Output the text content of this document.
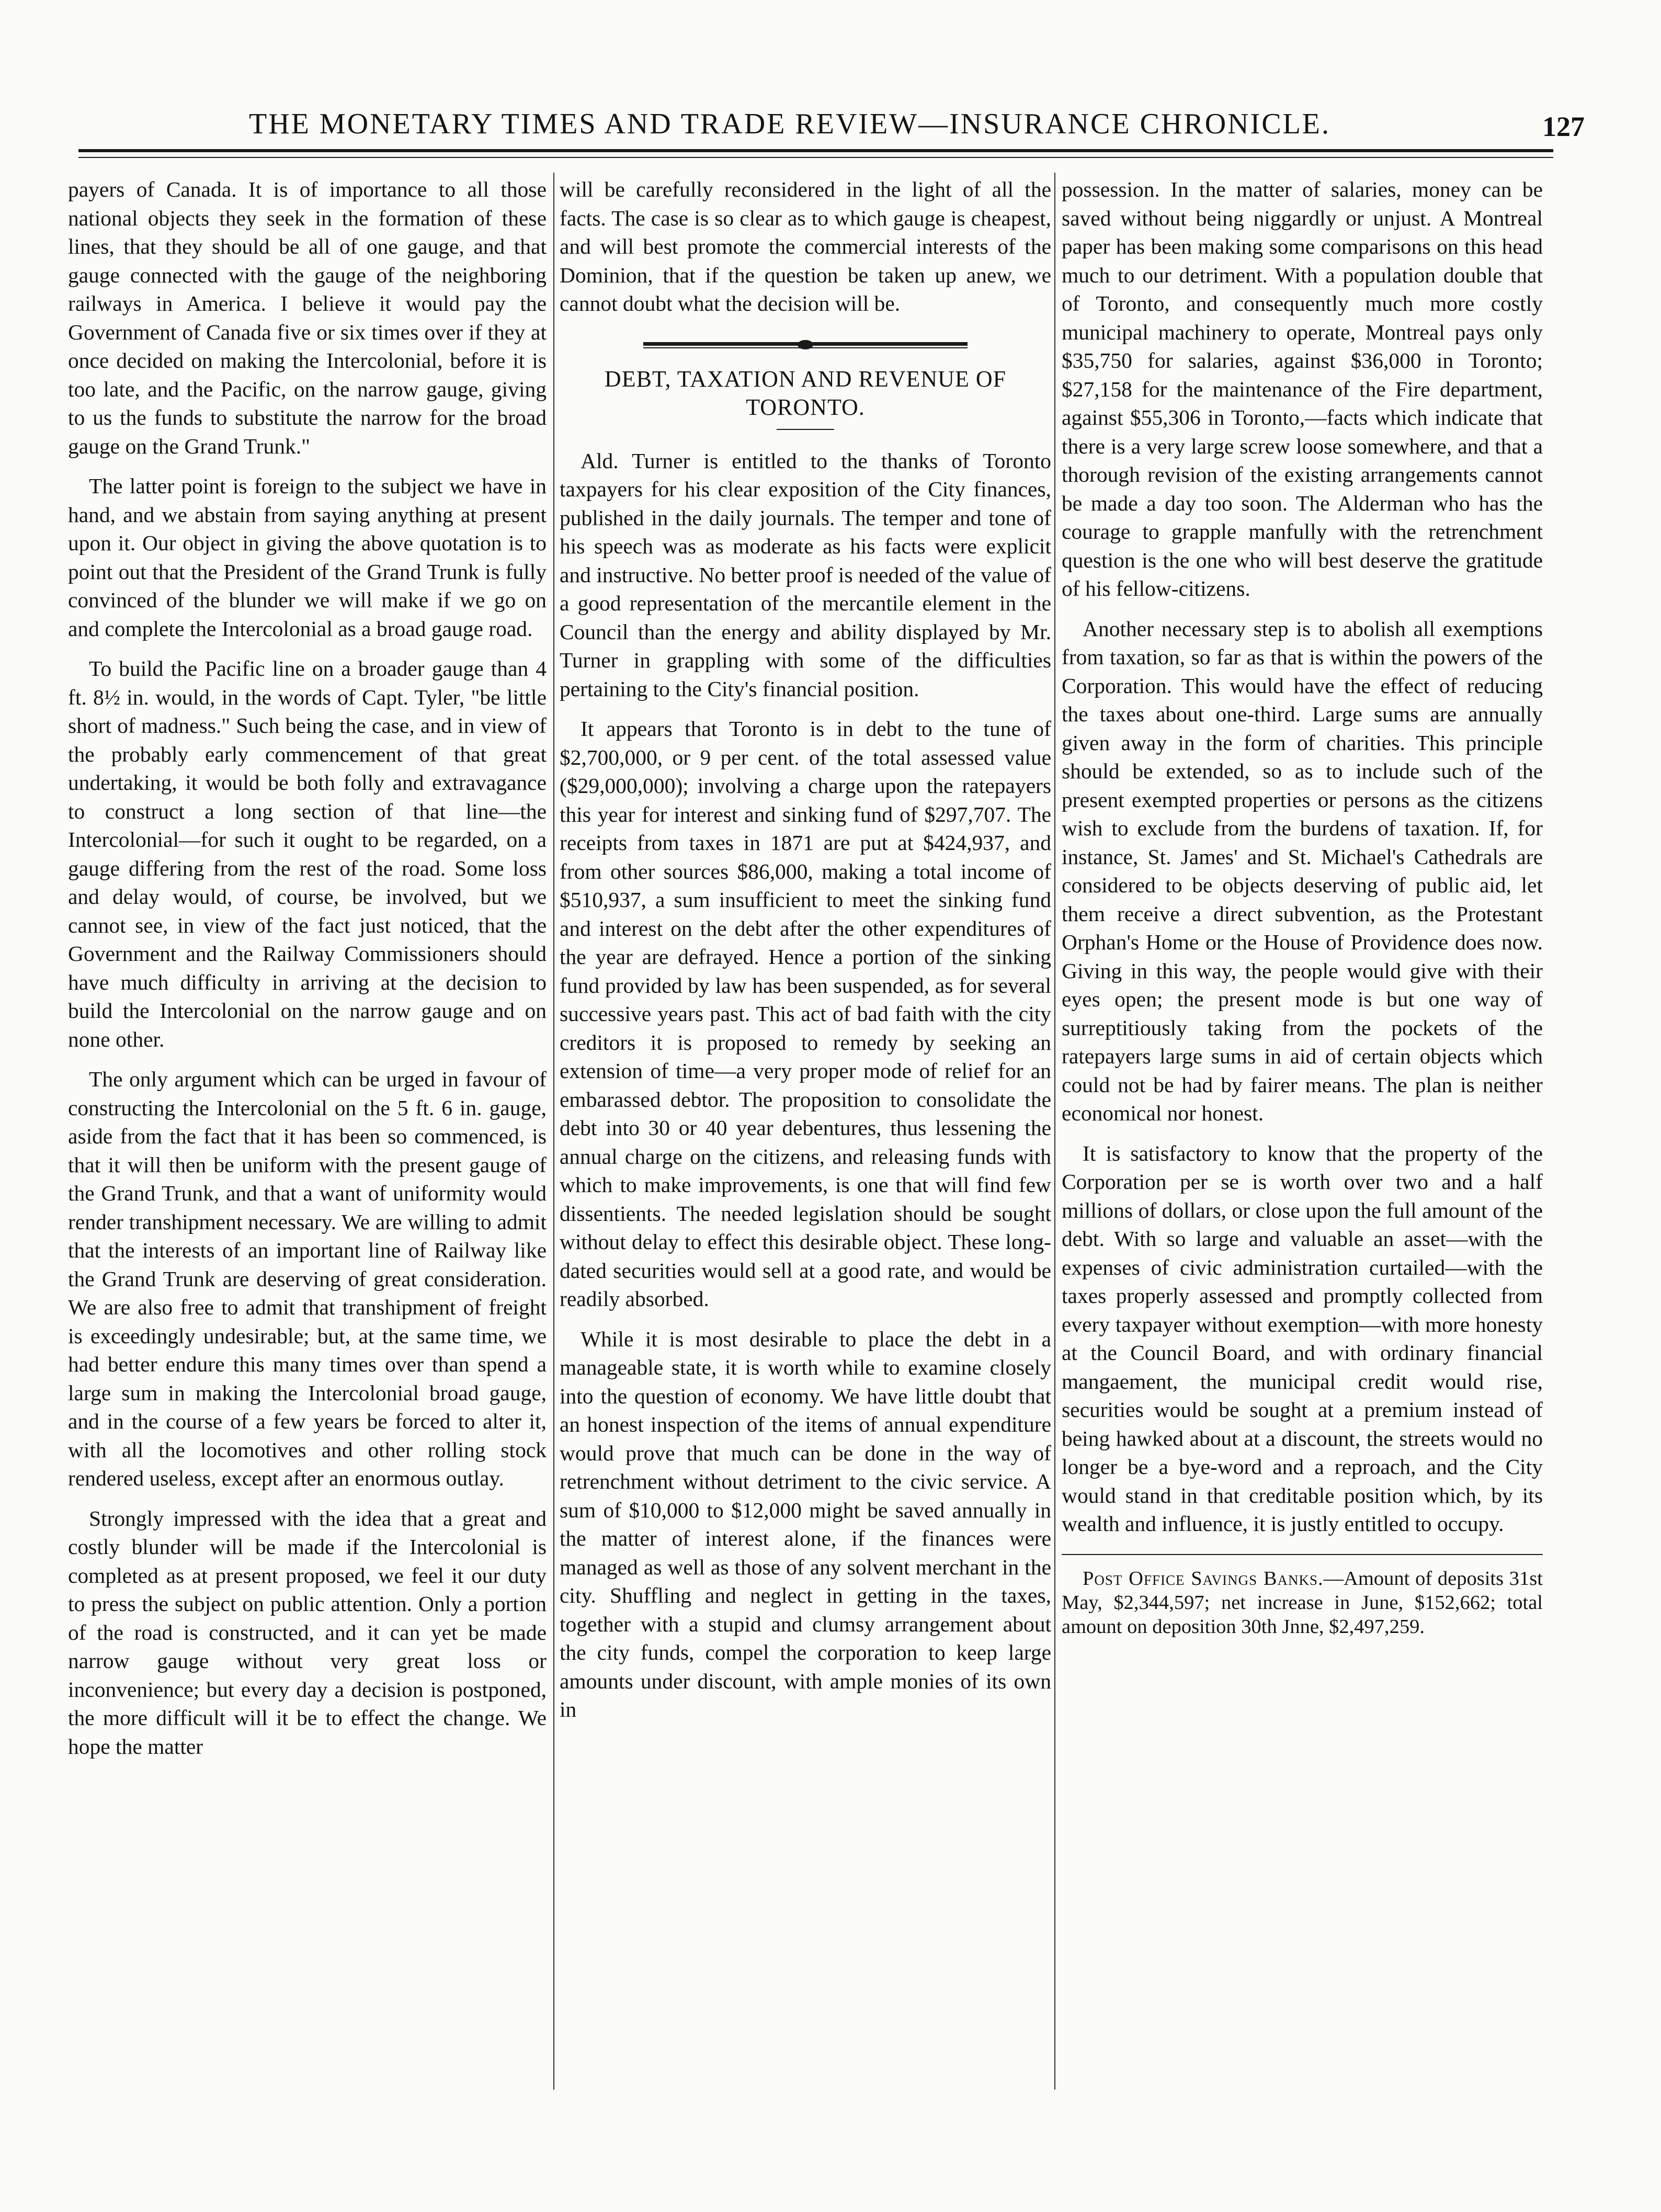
THE MONETARY TIMES AND TRADE REVIEW—INSURANCE CHRONICLE.	127

payers of Canada. It is of importance to all those national objects they seek in the formation of these lines, that they should be all of one gauge, and that gauge connected with the gauge of the neighboring railways in America. I believe it would pay the Government of Canada five or six times over if they at once decided on making the Intercolonial, before it is too late, and the Pacific, on the narrow gauge, giving to us the funds to substitute the narrow for the broad gauge on the Grand Trunk."

The latter point is foreign to the subject we have in hand, and we abstain from saying anything at present upon it. Our object in giving the above quotation is to point out that the President of the Grand Trunk is fully convinced of the blunder we will make if we go on and complete the Intercolonial as a broad gauge road.

To build the Pacific line on a broader gauge than 4 ft. 8½ in. would, in the words of Capt. Tyler, "be little short of madness." Such being the case, and in view of the probably early commencement of that great undertaking, it would be both folly and extravagance to construct a long section of that line—the Intercolonial—for such it ought to be regarded, on a gauge differing from the rest of the road. Some loss and delay would, of course, be involved, but we cannot see, in view of the fact just noticed, that the Government and the Railway Commissioners should have much difficulty in arriving at the decision to build the Intercolonial on the narrow gauge and on none other.

The only argument which can be urged in favour of constructing the Intercolonial on the 5 ft. 6 in. gauge, aside from the fact that it has been so commenced, is that it will then be uniform with the present gauge of the Grand Trunk, and that a want of uniformity would render transhipment necessary. We are willing to admit that the interests of an important line of Railway like the Grand Trunk are deserving of great consideration. We are also free to admit that transhipment of freight is exceedingly undesirable; but, at the same time, we had better endure this many times over than spend a large sum in making the Intercolonial broad gauge, and in the course of a few years be forced to alter it, with all the locomotives and other rolling stock rendered useless, except after an enormous outlay.

Strongly impressed with the idea that a great and costly blunder will be made if the Intercolonial is completed as at present proposed, we feel it our duty to press the subject on public attention. Only a portion of the road is constructed, and it can yet be made narrow gauge without very great loss or inconvenience; but every day a decision is postponed, the more difficult will it be to effect the change. We hope the matter

will be carefully reconsidered in the light of all the facts. The case is so clear as to which gauge is cheapest, and will best promote the commercial interests of the Dominion, that if the question be taken up anew, we cannot doubt what the decision will be.

DEBT, TAXATION AND REVENUE OF TORONTO.

Ald. Turner is entitled to the thanks of Toronto taxpayers for his clear exposition of the City finances, published in the daily journals. The temper and tone of his speech was as moderate as his facts were explicit and instructive. No better proof is needed of the value of a good representation of the mercantile element in the Council than the energy and ability displayed by Mr. Turner in grappling with some of the difficulties pertaining to the City's financial position.

It appears that Toronto is in debt to the tune of $2,700,000, or 9 per cent. of the total assessed value ($29,000,000); involving a charge upon the ratepayers this year for interest and sinking fund of $297,707. The receipts from taxes in 1871 are put at $424,937, and from other sources $86,000, making a total income of $510,937, a sum insufficient to meet the sinking fund and interest on the debt after the other expenditures of the year are defrayed. Hence a portion of the sinking fund provided by law has been suspended, as for several successive years past. This act of bad faith with the city creditors it is proposed to remedy by seeking an extension of time—a very proper mode of relief for an embarassed debtor. The proposition to consolidate the debt into 30 or 40 year debentures, thus lessening the annual charge on the citizens, and releasing funds with which to make improvements, is one that will find few dissentients. The needed legislation should be sought without delay to effect this desirable object. These long-dated securities would sell at a good rate, and would be readily absorbed.

While it is most desirable to place the debt in a manageable state, it is worth while to examine closely into the question of economy. We have little doubt that an honest inspection of the items of annual expenditure would prove that much can be done in the way of retrenchment without detriment to the civic service. A sum of $10,000 to $12,000 might be saved annually in the matter of interest alone, if the finances were managed as well as those of any solvent merchant in the city. Shuffling and neglect in getting in the taxes, together with a stupid and clumsy arrangement about the city funds, compel the corporation to keep large amounts under discount, with ample monies of its own in

possession. In the matter of salaries, money can be saved without being niggardly or unjust. A Montreal paper has been making some comparisons on this head much to our detriment. With a population double that of Toronto, and consequently much more costly municipal machinery to operate, Montreal pays only $35,750 for salaries, against $36,000 in Toronto; $27,158 for the maintenance of the Fire department, against $55,306 in Toronto,—facts which indicate that there is a very large screw loose somewhere, and that a thorough revision of the existing arrangements cannot be made a day too soon. The Alderman who has the courage to grapple manfully with the retrenchment question is the one who will best deserve the gratitude of his fellow-citizens.

Another necessary step is to abolish all exemptions from taxation, so far as that is within the powers of the Corporation. This would have the effect of reducing the taxes about one-third. Large sums are annually given away in the form of charities. This principle should be extended, so as to include such of the present exempted properties or persons as the citizens wish to exclude from the burdens of taxation. If, for instance, St. James' and St. Michael's Cathedrals are considered to be objects deserving of public aid, let them receive a direct subvention, as the Protestant Orphan's Home or the House of Providence does now. Giving in this way, the people would give with their eyes open; the present mode is but one way of surreptitiously taking from the pockets of the ratepayers large sums in aid of certain objects which could not be had by fairer means. The plan is neither economical nor honest.

It is satisfactory to know that the property of the Corporation per se is worth over two and a half millions of dollars, or close upon the full amount of the debt. With so large and valuable an asset—with the expenses of civic administration curtailed—with the taxes properly assessed and promptly collected from every taxpayer without exemption—with more honesty at the Council Board, and with ordinary financial mangaement, the municipal credit would rise, securities would be sought at a premium instead of being hawked about at a discount, the streets would no longer be a bye-word and a reproach, and the City would stand in that creditable position which, by its wealth and influence, it is justly entitled to occupy.

Post Office Savings Banks.—Amount of deposits 31st May, $2,344,597; net increase in June, $152,662; total amount on deposition 30th Jnne, $2,497,259.
